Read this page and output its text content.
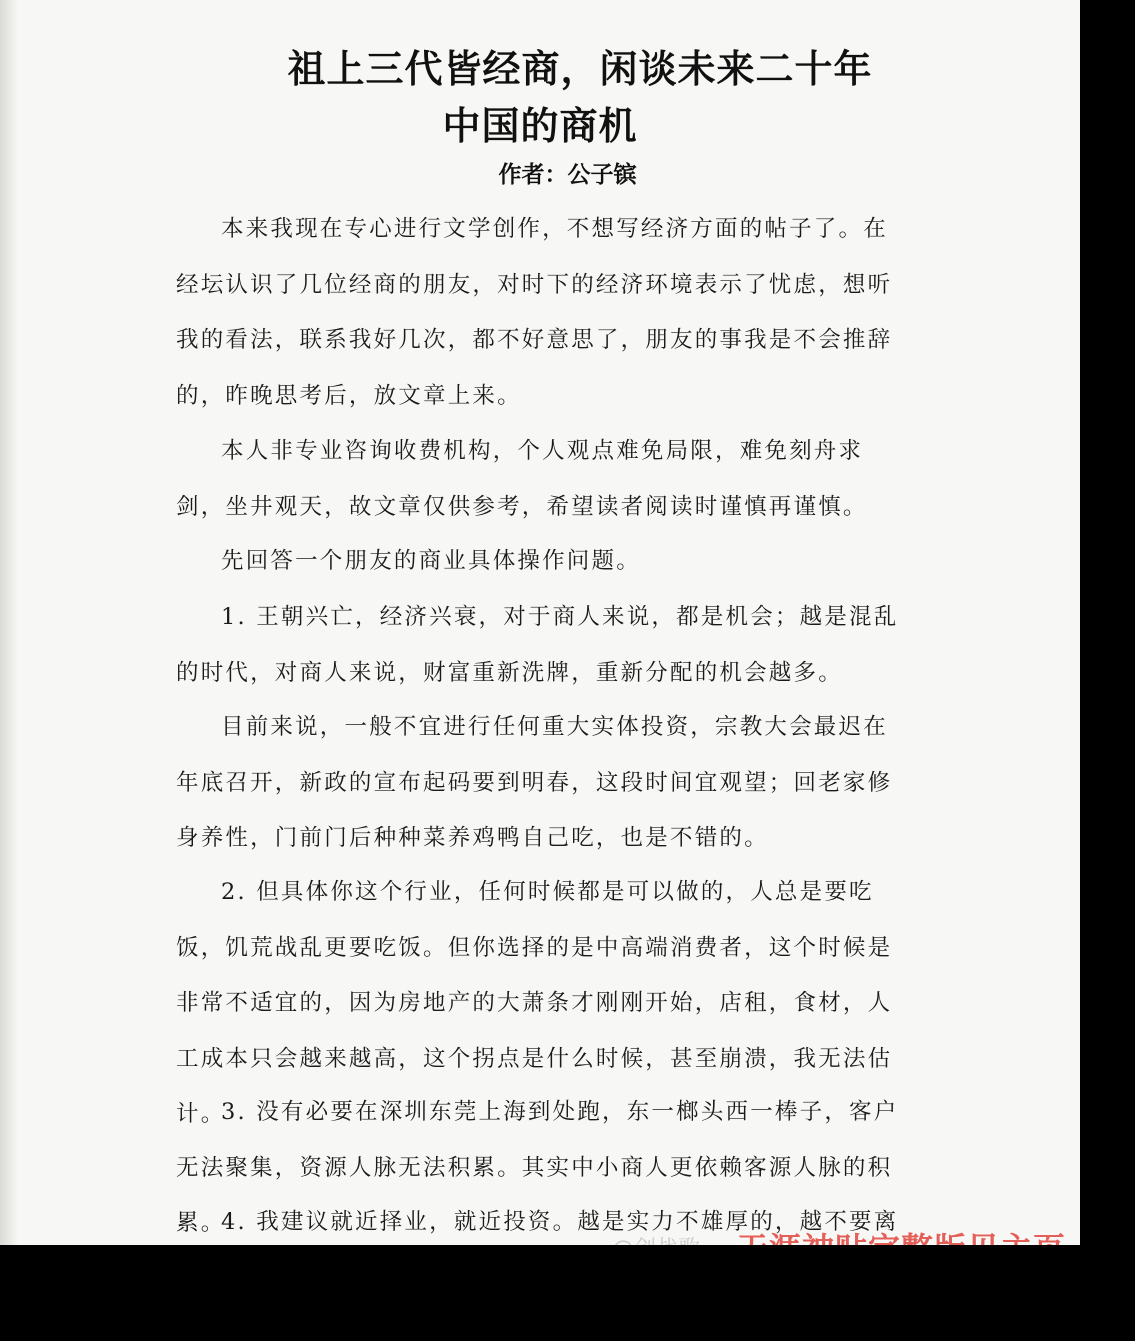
祖上三代皆经商，闲谈未来二十年
中国的商机

作者：公子镔

本来我现在专心进行文学创作，不想写经济方面的帖子了。在经坛认识了几位经商的朋友，对时下的经济环境表示了忧虑，想听我的看法，联系我好几次，都不好意思了，朋友的事我是不会推辞的，昨晚思考后，放文章上来。

本人非专业咨询收费机构，个人观点难免局限，难免刻舟求剑，坐井观天，故文章仅供参考，希望读者阅读时谨慎再谨慎。

先回答一个朋友的商业具体操作问题。

1. 王朝兴亡，经济兴衰，对于商人来说，都是机会；越是混乱的时代，对商人来说，财富重新洗牌，重新分配的机会越多。

目前来说，一般不宜进行任何重大实体投资，宗教大会最迟在年底召开，新政的宣布起码要到明春，这段时间宜观望；回老家修身养性，门前门后种种菜养鸡鸭自己吃，也是不错的。

2. 但具体你这个行业，任何时候都是可以做的，人总是要吃饭，饥荒战乱更要吃饭。但你选择的是中高端消费者，这个时候是非常不适宜的，因为房地产的大萧条才刚刚开始，店租，食材，人工成本只会越来越高，这个拐点是什么时候，甚至崩溃，我无法估计。

3. 没有必要在深圳东莞上海到处跑，东一榔头西一棒子，客户无法聚集，资源人脉无法积累。其实中小商人更依赖客源人脉的积累。

4. 我建议就近择业，就近投资。越是实力不雄厚的，越不要离
